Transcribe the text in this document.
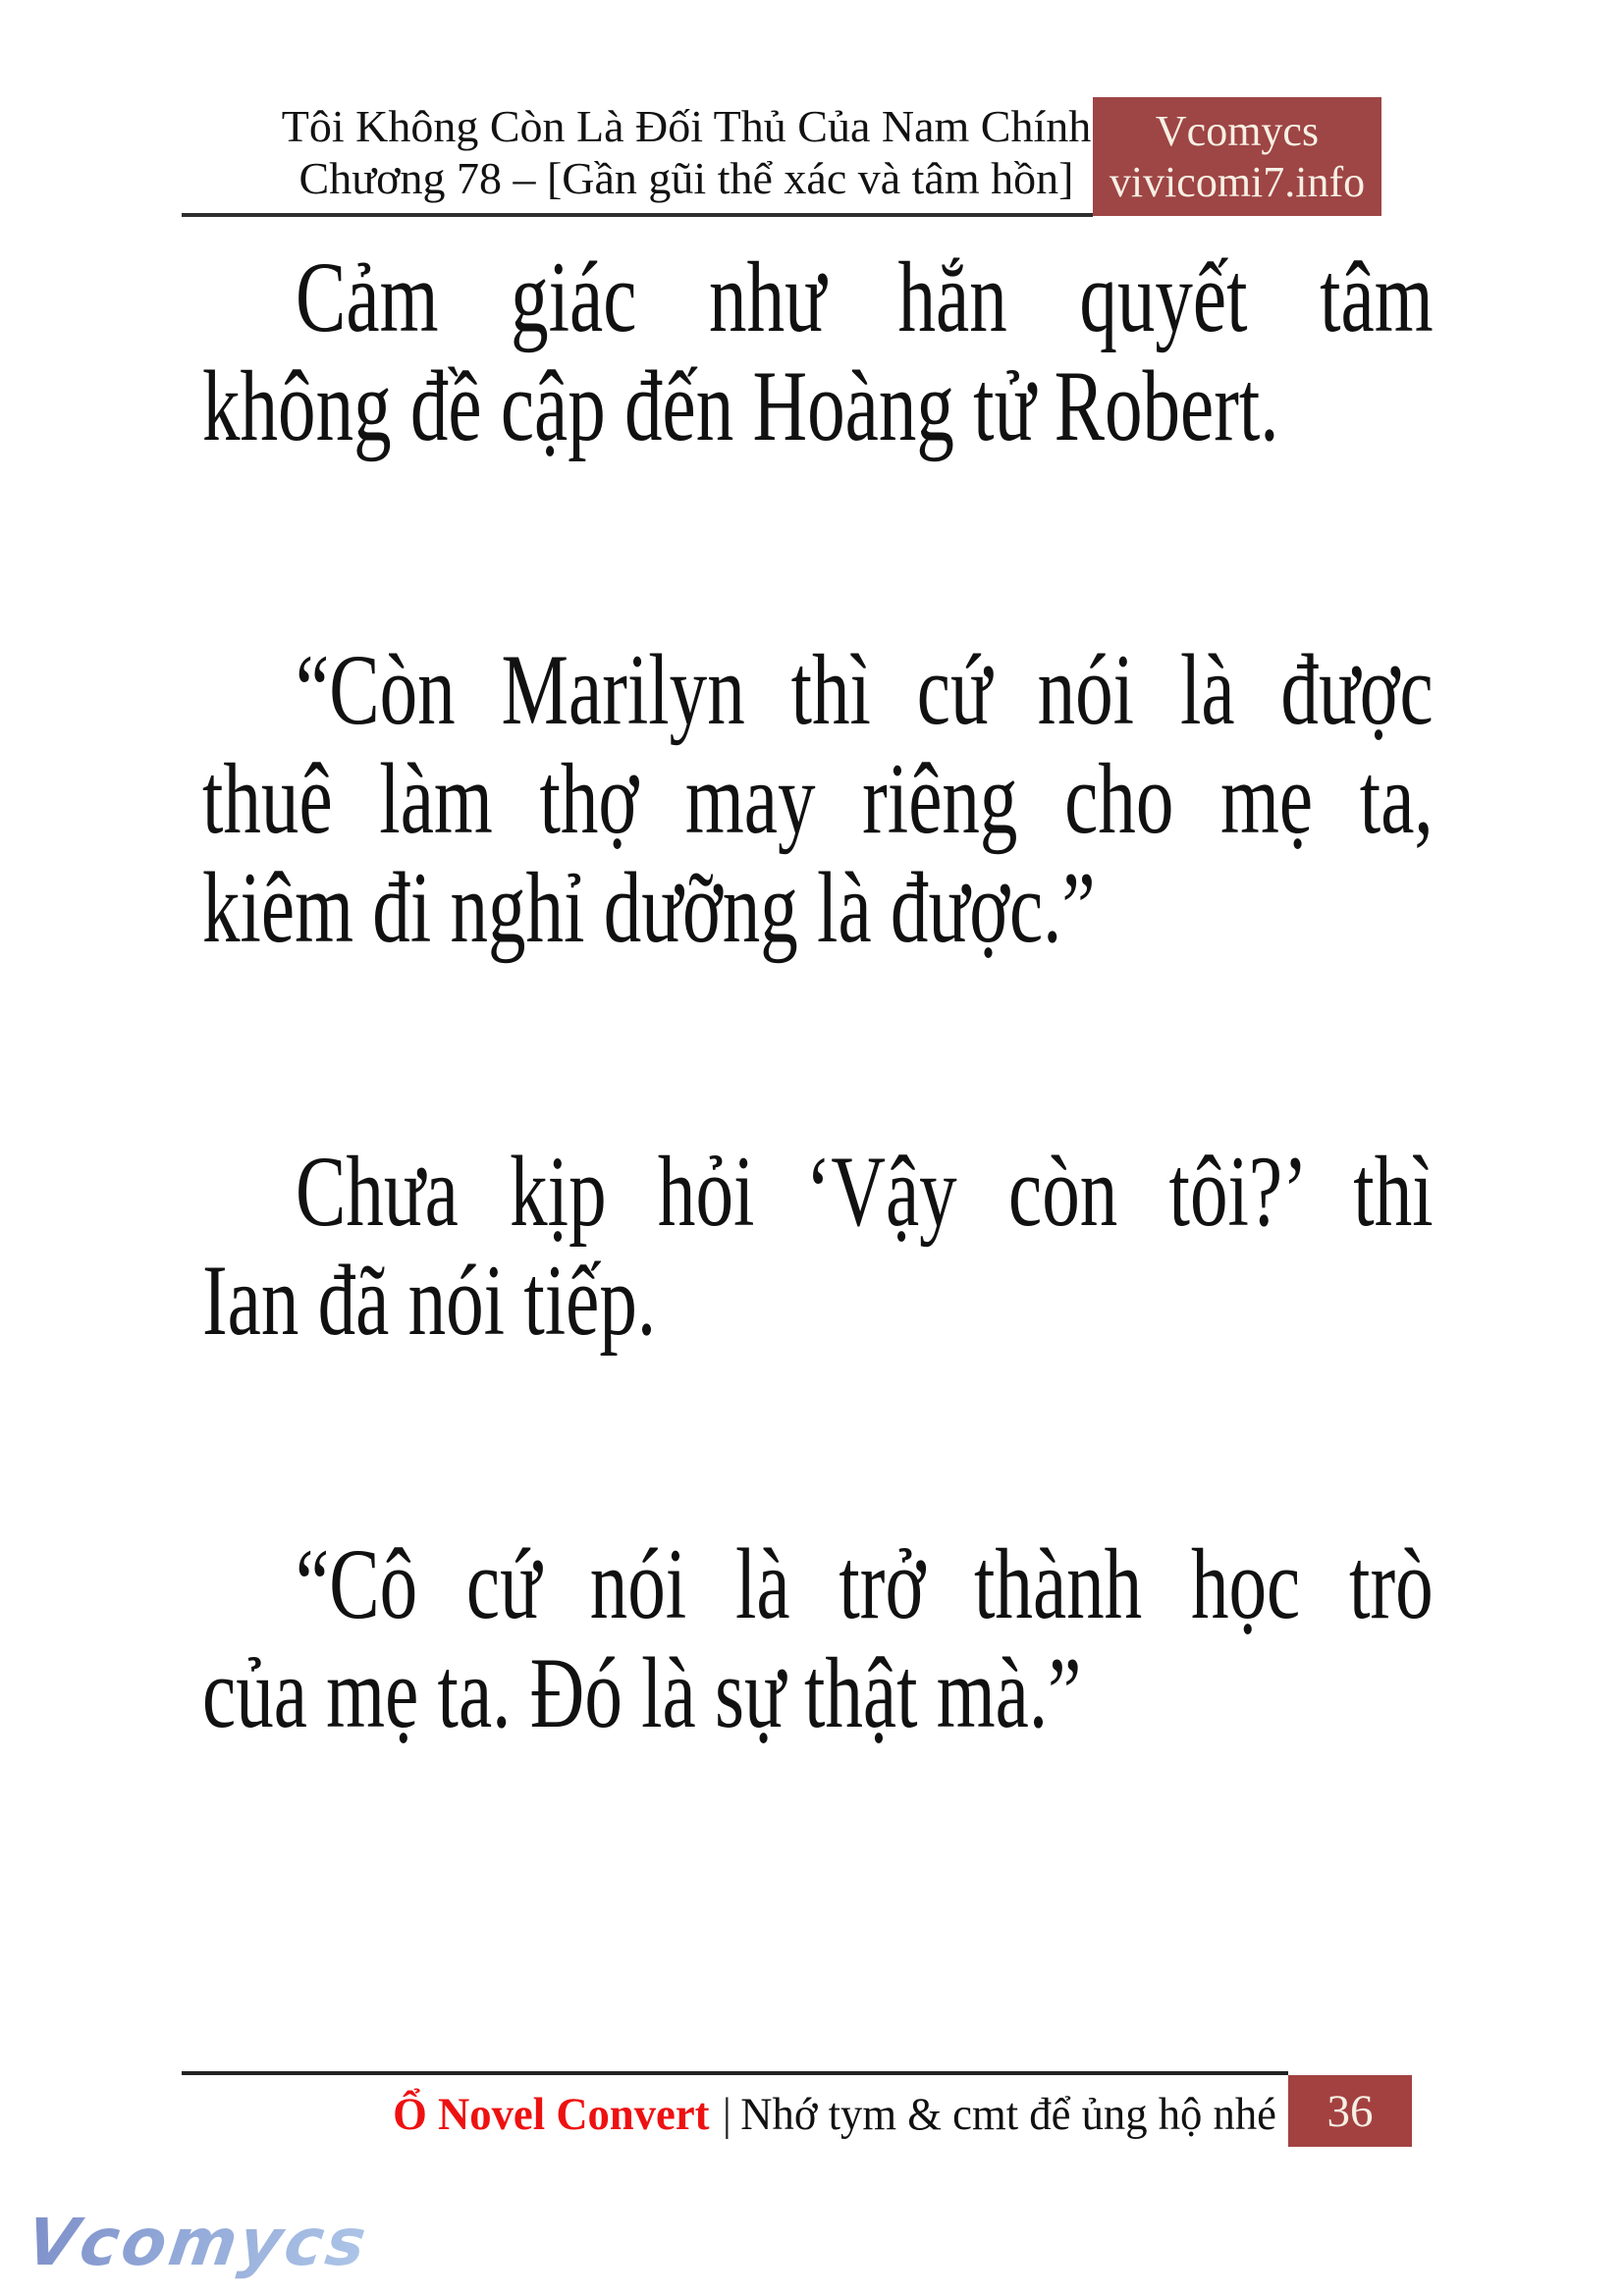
Tôi Không Còn Là Đối Thủ Của Nam Chính
Chương 78 – [Gần gũi thể xác và tâm hồn]
Vcomycs
vivicomi7.info
Cảm giác như hắn quyết tâm
không đề cập đến Hoàng tử Robert.
“Còn Marilyn thì cứ nói là được
thuê làm thợ may riêng cho mẹ ta,
kiêm đi nghỉ dưỡng là được.”
Chưa kịp hỏi ‘Vậy còn tôi?’ thì
Ian đã nói tiếp.
“Cô cứ nói là trở thành học trò
của mẹ ta. Đó là sự thật mà.”
Ổ Novel Convert | Nhớ tym & cmt để ủng hộ nhé 36
Vcomycs
